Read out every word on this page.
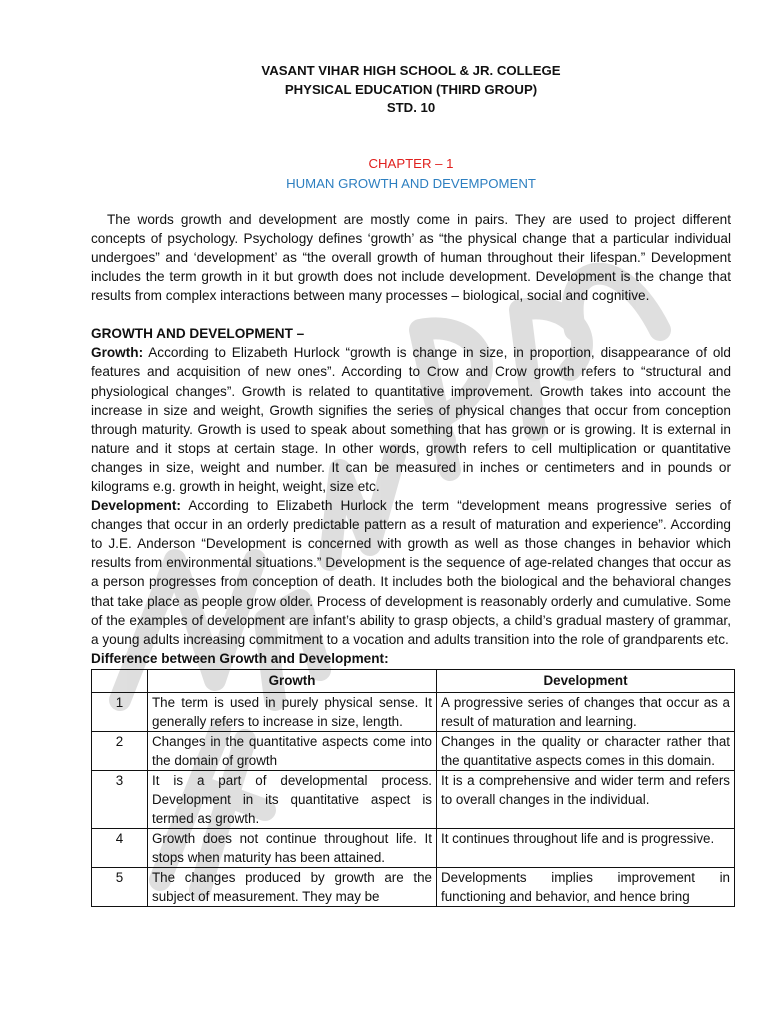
VASANT VIHAR HIGH SCHOOL & JR. COLLEGE
PHYSICAL EDUCATION (THIRD GROUP)
STD. 10
CHAPTER – 1
HUMAN GROWTH AND DEVEMPOMENT

The words growth and development are mostly come in pairs. They are used to project different concepts of psychology. Psychology defines ‘growth’ as “the physical change that a particular individual undergoes” and ‘development’ as “the overall growth of human throughout their lifespan.” Development includes the term growth in it but growth does not include development. Development is the change that results from complex interactions between many processes – biological, social and cognitive.

GROWTH AND DEVELOPMENT –

Growth: According to Elizabeth Hurlock “growth is change in size, in proportion, disappearance of old features and acquisition of new ones”. According to Crow and Crow growth refers to “structural and physiological changes”. Growth is related to quantitative improvement. Growth takes into account the increase in size and weight, Growth signifies the series of physical changes that occur from conception through maturity. Growth is used to speak about something that has grown or is growing. It is external in nature and it stops at certain stage. In other words, growth refers to cell multiplication or quantitative changes in size, weight and number. It can be measured in inches or centimeters and in pounds or kilograms e.g. growth in height, weight, size etc.

Development: According to Elizabeth Hurlock the term “development means progressive series of changes that occur in an orderly predictable pattern as a result of maturation and experience”. According to J.E. Anderson “Development is concerned with growth as well as those changes in behavior which results from environmental situations.” Development is the sequence of age-related changes that occur as a person progresses from conception of death. It includes both the biological and the behavioral changes that take place as people grow older. Process of development is reasonably orderly and cumulative. Some of the examples of development are infant’s ability to grasp objects, a child’s gradual mastery of grammar, a young adults increasing commitment to a vocation and adults transition into the role of grandparents etc.

Difference between Growth and Development:
	Growth	Development
1	The term is used in purely physical sense. It generally refers to increase in size, length.	A progressive series of changes that occur as a result of maturation and learning.
2	Changes in the quantitative aspects come into the domain of growth	Changes in the quality or character rather that the quantitative aspects comes in this domain.
3	It is a part of developmental process. Development in its quantitative aspect is termed as growth.	It is a comprehensive and wider term and refers to overall changes in the individual.
4	Growth does not continue throughout life. It stops when maturity has been attained.	It continues throughout life and is progressive.
5	The changes produced by growth are the subject of measurement. They may be	Developments implies improvement in functioning and behavior, and hence bring
